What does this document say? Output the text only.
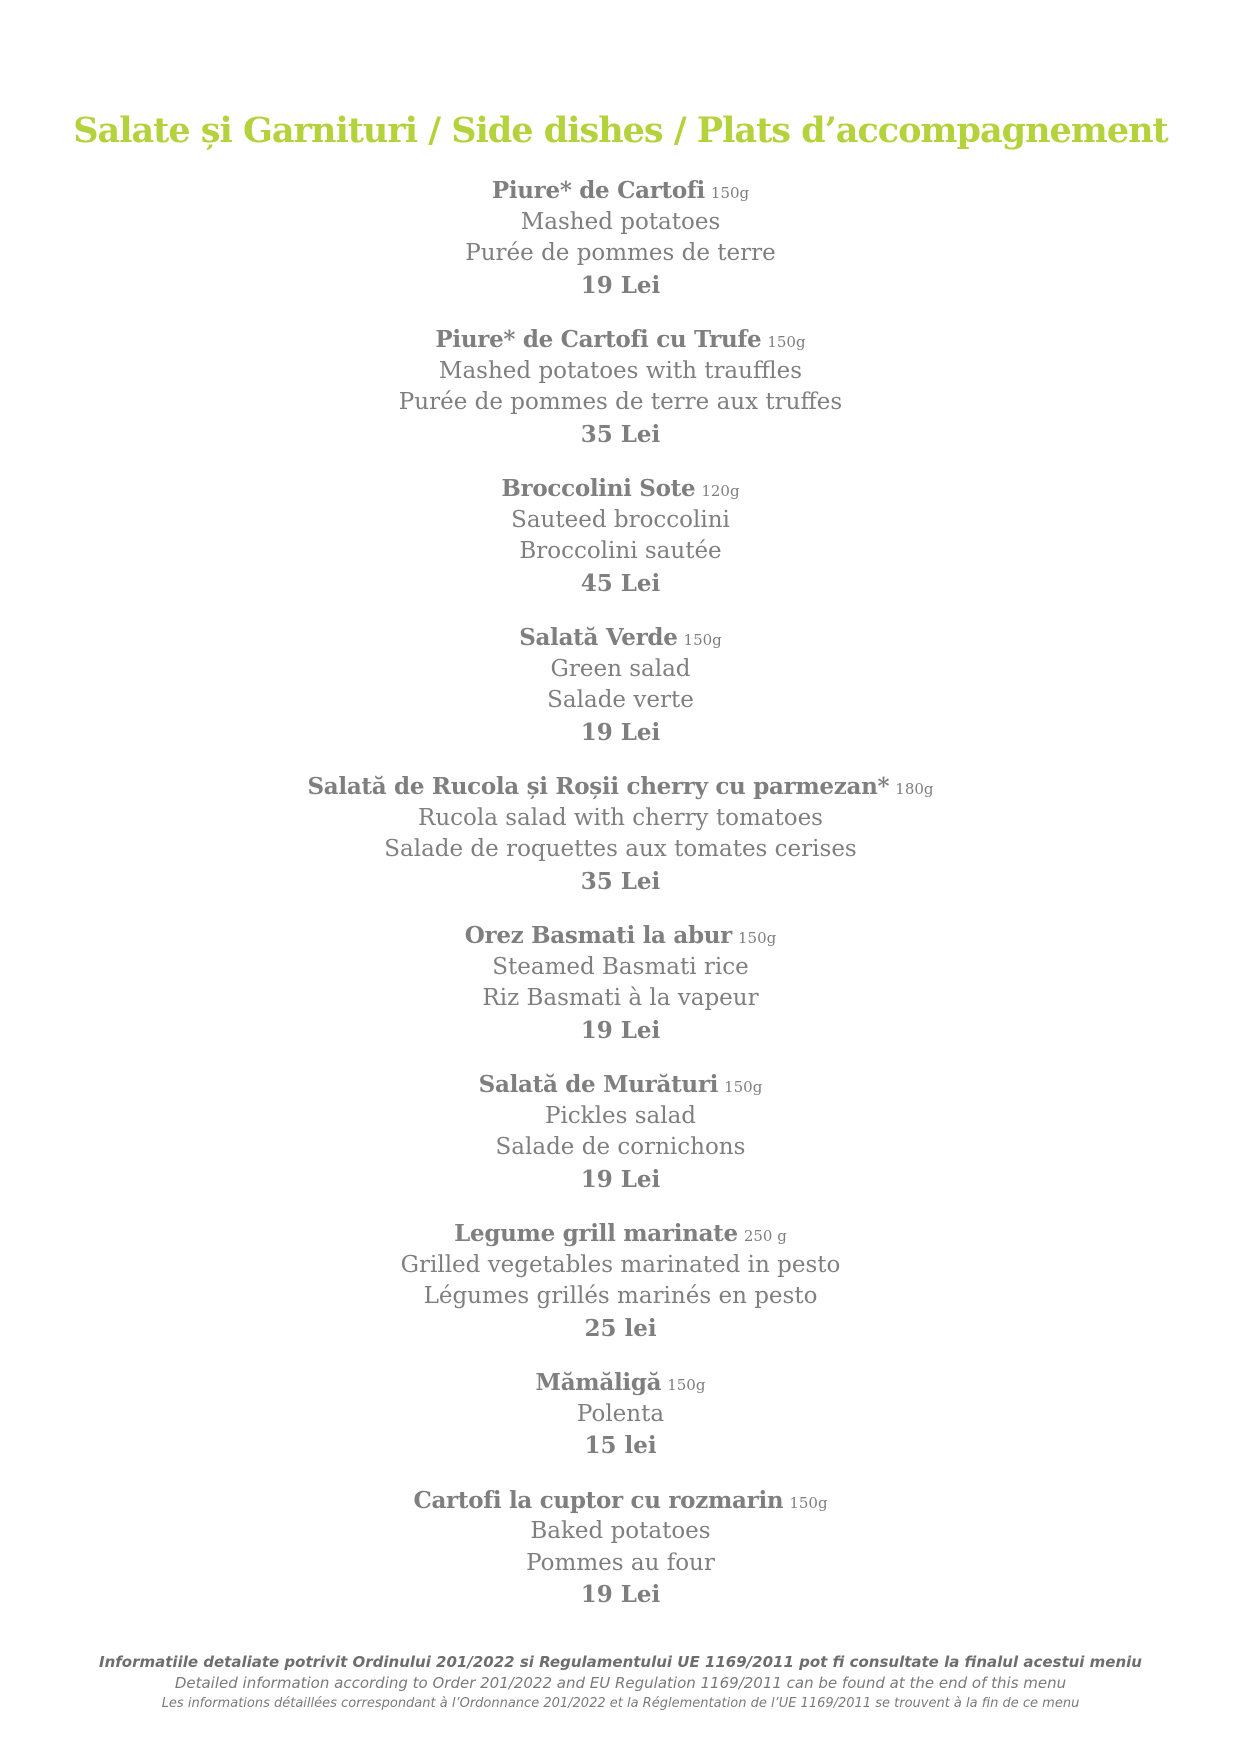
Salate și Garnituri / Side dishes / Plats d’accompagnement
Piure* de Cartofi 150g
Mashed potatoes
Purée de pommes de terre
19 Lei
Piure* de Cartofi cu Trufe 150g
Mashed potatoes with trauffles
Purée de pommes de terre aux truffes
35 Lei
Broccolini Sote 120g
Sauteed broccolini
Broccolini sautée
45 Lei
Salată Verde 150g
Green salad
Salade verte
19 Lei
Salată de Rucola și Roșii cherry cu parmezan* 180g
Rucola salad with cherry tomatoes
Salade de roquettes aux tomates cerises
35 Lei
Orez Basmati la abur 150g
Steamed Basmati rice
Riz Basmati à la vapeur
19 Lei
Salată de Murături 150g
Pickles salad
Salade de cornichons
19 Lei
Legume grill marinate 250 g
Grilled vegetables marinated in pesto
Légumes grillés marinés en pesto
25 lei
Mămăligă 150g
Polenta
15 lei
Cartofi la cuptor cu rozmarin 150g
Baked potatoes
Pommes au four
19 Lei
Informatiile detaliate potrivit Ordinului 201/2022 si Regulamentului UE 1169/2011 pot fi consultate la finalul acestui meniu
Detailed information according to Order 201/2022 and EU Regulation 1169/2011 can be found at the end of this menu
Les informations détaillées correspondant à l’Ordonnance 201/2022 et la Réglementation de l’UE 1169/2011 se trouvent à la fin de ce menu
